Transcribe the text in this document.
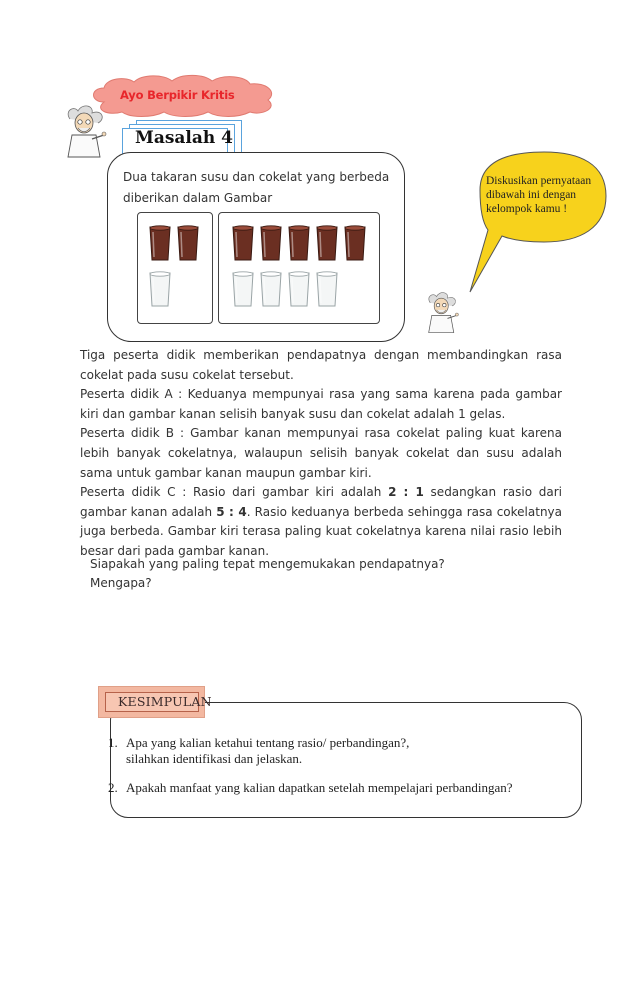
Ayo Berpikir Kritis
Masalah 4
Dua takaran susu dan cokelat yang berbeda diberikan dalam Gambar
Diskusikan pernyataan dibawah ini dengan kelompok kamu !

Tiga peserta didik memberikan pendapatnya dengan membandingkan rasa cokelat pada susu cokelat tersebut.

Peserta didik A : Keduanya mempunyai rasa yang sama karena pada gambar kiri dan gambar kanan selisih banyak susu dan cokelat adalah 1 gelas.

Peserta didik B : Gambar kanan mempunyai rasa cokelat paling kuat karena lebih banyak cokelatnya, walaupun selisih banyak cokelat dan susu adalah sama untuk gambar kanan maupun gambar kiri.

Peserta didik C : Rasio dari gambar kiri adalah 2 : 1 sedangkan rasio dari gambar kanan adalah 5 : 4. Rasio keduanya berbeda sehingga rasa cokelatnya juga berbeda. Gambar kiri terasa paling kuat cokelatnya karena nilai rasio lebih besar dari pada gambar kanan.

Siapakah yang paling tepat mengemukakan pendapatnya?

Mengapa?

KESIMPULAN
1. Apa yang kalian ketahui tentang rasio/ perbandingan?,
silahkan identifikasi dan jelaskan.
2. Apakah manfaat yang kalian dapatkan setelah mempelajari perbandingan?
